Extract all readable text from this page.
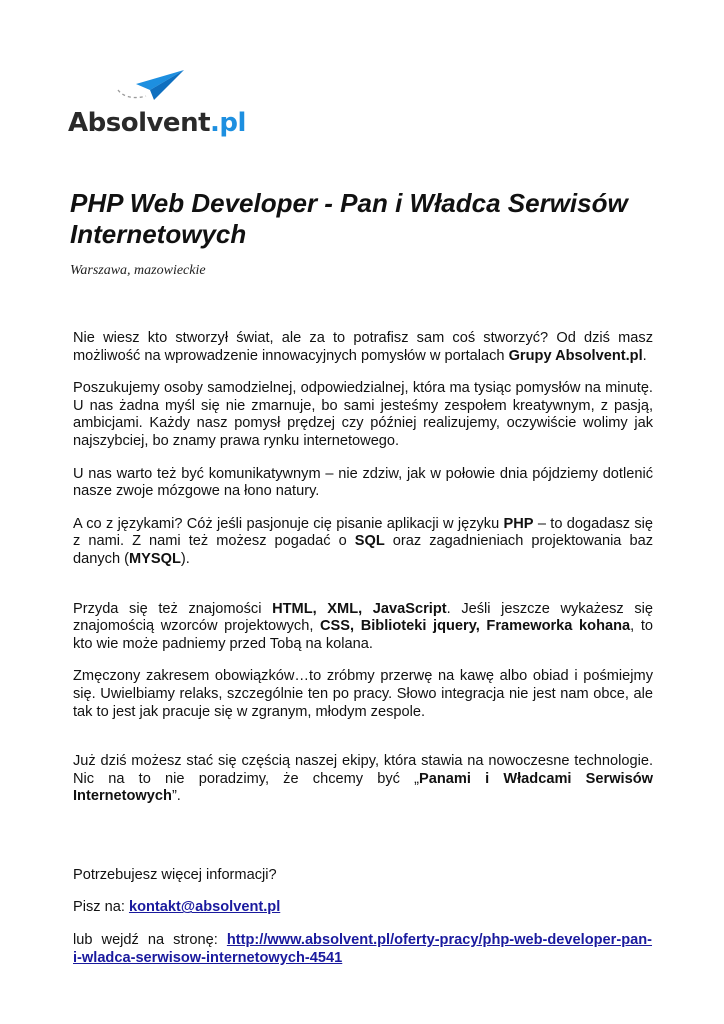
Absolvent.pl
PHP Web Developer - Pan i Władca Serwisów Internetowych
Warszawa, mazowieckie

Nie wiesz kto stworzył świat, ale za to potrafisz sam coś stworzyć? Od dziś masz możliwość na wprowadzenie innowacyjnych pomysłów w portalach Grupy Absolvent.pl.

Poszukujemy osoby samodzielnej, odpowiedzialnej, która ma tysiąc pomysłów na minutę. U nas żadna myśl się nie zmarnuje, bo sami jesteśmy zespołem kreatywnym, z pasją, ambicjami. Każdy nasz pomysł prędzej czy później realizujemy, oczywiście wolimy jak najszybciej, bo znamy prawa rynku internetowego.

U nas warto też być komunikatywnym – nie zdziw, jak w połowie dnia pójdziemy dotlenić nasze zwoje mózgowe na łono natury.

A co z językami? Cóż jeśli pasjonuje cię pisanie aplikacji w języku PHP – to dogadasz się z nami. Z nami też możesz pogadać o SQL oraz zagadnieniach projektowania baz danych (MYSQL).

Przyda się też znajomości HTML, XML, JavaScript. Jeśli jeszcze wykażesz się znajomością wzorców projektowych, CSS, Biblioteki jquery, Frameworka kohana, to kto wie może padniemy przed Tobą na kolana.

Zmęczony zakresem obowiązków…to zróbmy przerwę na kawę albo obiad i pośmiejmy się. Uwielbiamy relaks, szczególnie ten po pracy. Słowo integracja nie jest nam obce, ale tak to jest jak pracuje się w zgranym, młodym zespole.

Już dziś możesz stać się częścią naszej ekipy, która stawia na nowoczesne technologie. Nic na to nie poradzimy, że chcemy być „Panami i Władcami Serwisów Internetowych”.

Potrzebujesz więcej informacji?

Pisz na: kontakt@absolvent.pl

lub wejdź na stronę: http://www.absolvent.pl/oferty-pracy/php-web-developer-pan-i-wladca-serwisow-internetowych-4541
